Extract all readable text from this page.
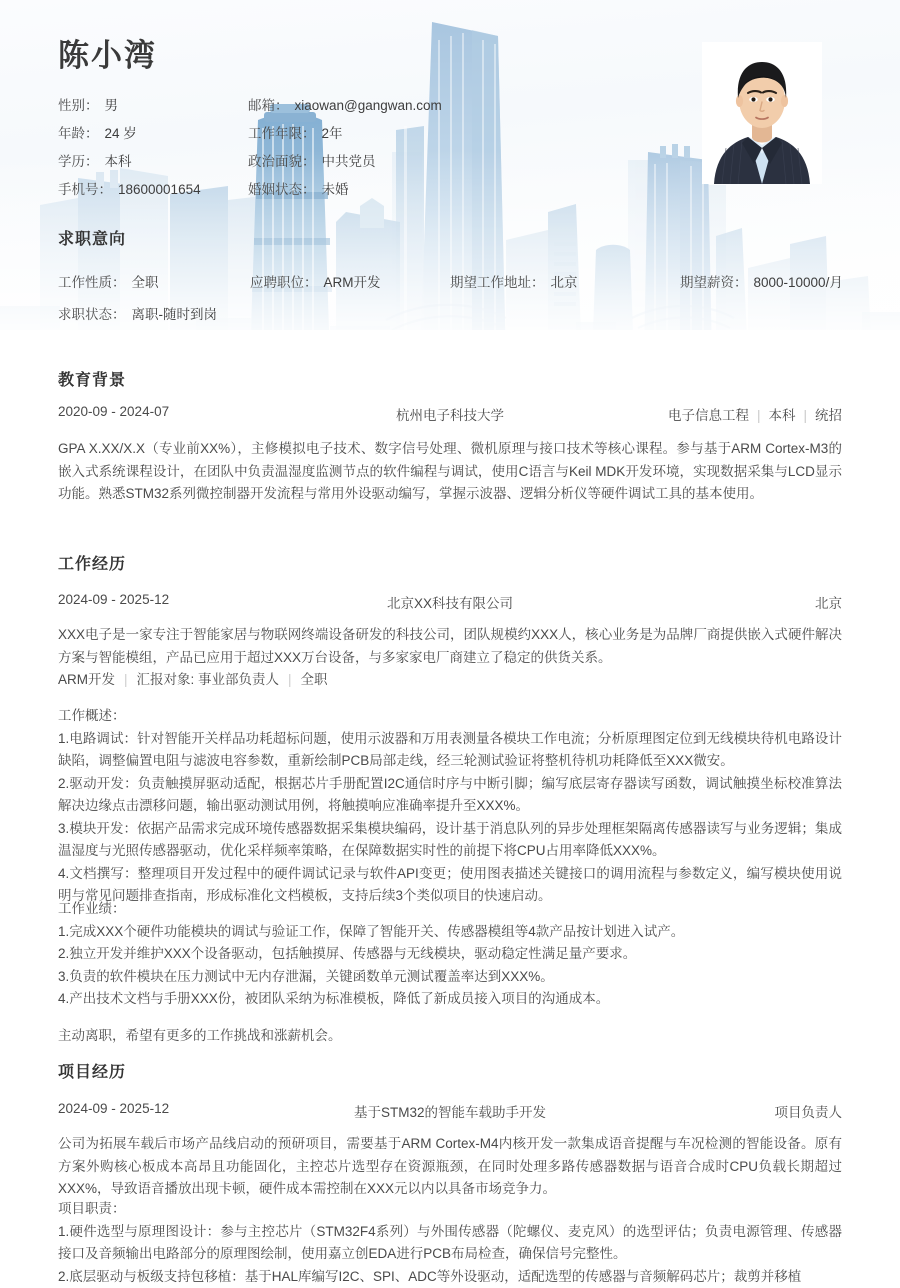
陈小湾
性别： 男	邮箱： xiaowan@gangwan.com
年龄： 24 岁	工作年限： 2年
学历： 本科	政治面貌： 中共党员
手机号： 18600001654	婚姻状态： 未婚
求职意向
工作性质： 全职	应聘职位： ARM开发	期望工作地址： 北京	期望薪资： 8000-10000/月
求职状态： 离职-随时到岗
教育背景
2020-09 - 2024-07	杭州电子科技大学	电子信息工程 | 本科 | 统招

GPA X.XX/X.X（专业前XX%），主修模拟电子技术、数字信号处理、微机原理与接口技术等核心课程。参与基于ARM Cortex-M3的嵌入式系统课程设计，在团队中负责温湿度监测节点的软件编程与调试，使用C语言与Keil MDK开发环境，实现数据采集与LCD显示功能。熟悉STM32系列微控制器开发流程与常用外设驱动编写，掌握示波器、逻辑分析仪等硬件调试工具的基本使用。

工作经历
2024-09 - 2025-12	北京XX科技有限公司	北京

XXX电子是一家专注于智能家居与物联网终端设备研发的科技公司，团队规模约XXX人，核心业务是为品牌厂商提供嵌入式硬件解决方案与智能模组，产品已应用于超过XXX万台设备，与多家家电厂商建立了稳定的供货关系。

ARM开发 | 汇报对象: 事业部负责人 | 全职

工作概述：

1.电路调试：针对智能开关样品功耗超标问题，使用示波器和万用表测量各模块工作电流；分析原理图定位到无线模块待机电路设计缺陷，调整偏置电阻与滤波电容参数，重新绘制PCB局部走线，经三轮测试验证将整机待机功耗降低至XXX微安。

2.驱动开发：负责触摸屏驱动适配，根据芯片手册配置I2C通信时序与中断引脚；编写底层寄存器读写函数，调试触摸坐标校准算法解决边缘点击漂移问题，输出驱动测试用例，将触摸响应准确率提升至XXX%。

3.模块开发：依据产品需求完成环境传感器数据采集模块编码，设计基于消息队列的异步处理框架隔离传感器读写与业务逻辑；集成温湿度与光照传感器驱动，优化采样频率策略，在保障数据实时性的前提下将CPU占用率降低XXX%。

4.文档撰写：整理项目开发过程中的硬件调试记录与软件API变更；使用图表描述关键接口的调用流程与参数定义，编写模块使用说明与常见问题排查指南，形成标准化文档模板，支持后续3个类似项目的快速启动。

工作业绩：

1.完成XXX个硬件功能模块的调试与验证工作，保障了智能开关、传感器模组等4款产品按计划进入试产。

2.独立开发并维护XXX个设备驱动，包括触摸屏、传感器与无线模块，驱动稳定性满足量产要求。

3.负责的软件模块在压力测试中无内存泄漏，关键函数单元测试覆盖率达到XXX%。

4.产出技术文档与手册XXX份，被团队采纳为标准模板，降低了新成员接入项目的沟通成本。

主动离职，希望有更多的工作挑战和涨薪机会。

项目经历
2024-09 - 2025-12	基于STM32的智能车载助手开发	项目负责人

公司为拓展车载后市场产品线启动的预研项目，需要基于ARM Cortex-M4内核开发一款集成语音提醒与车况检测的智能设备。原有方案外购核心板成本高昂且功能固化，主控芯片选型存在资源瓶颈，在同时处理多路传感器数据与语音合成时CPU负载长期超过XXX%，导致语音播放出现卡顿，硬件成本需控制在XXX元以内以具备市场竞争力。

项目职责：

1.硬件选型与原理图设计：参与主控芯片（STM32F4系列）与外围传感器（陀螺仪、麦克风）的选型评估；负责电源管理、传感器接口及音频输出电路部分的原理图绘制，使用嘉立创EDA进行PCB布局检查，确保信号完整性。

2.底层驱动与板级支持包移植：基于HAL库编写I2C、SPI、ADC等外设驱动，适配选型的传感器与音频解码芯片；裁剪并移植
